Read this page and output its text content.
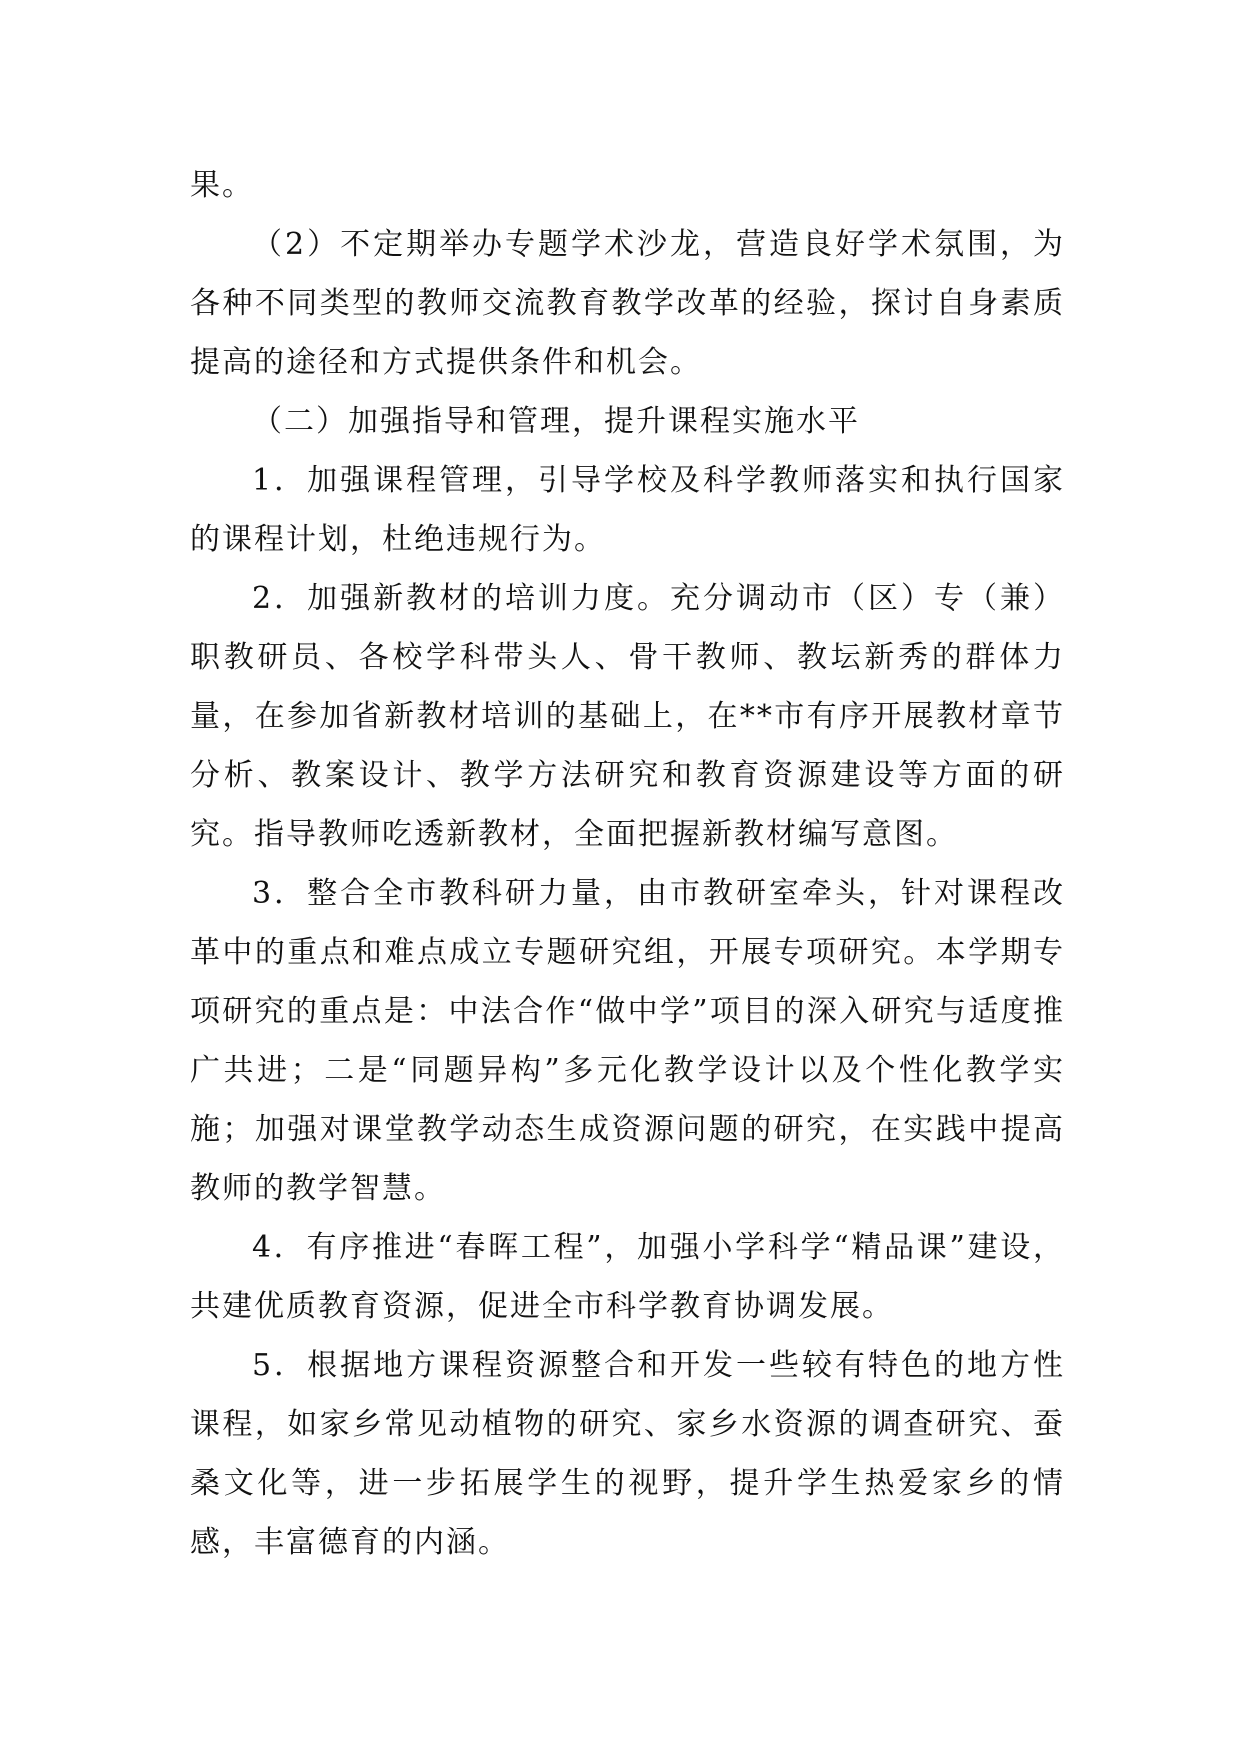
果。

（2）不定期举办专题学术沙龙，营造良好学术氛围，为各种不同类型的教师交流教育教学改革的经验，探讨自身素质提高的途径和方式提供条件和机会。

（二）加强指导和管理，提升课程实施水平

1．加强课程管理，引导学校及科学教师落实和执行国家的课程计划，杜绝违规行为。

2．加强新教材的培训力度。充分调动市（区）专（兼）职教研员、各校学科带头人、骨干教师、教坛新秀的群体力量，在参加省新教材培训的基础上，在**市有序开展教材章节分析、教案设计、教学方法研究和教育资源建设等方面的研究。指导教师吃透新教材，全面把握新教材编写意图。

3．整合全市教科研力量，由市教研室牵头，针对课程改革中的重点和难点成立专题研究组，开展专项研究。本学期专项研究的重点是：中法合作“做中学”项目的深入研究与适度推广共进；二是“同题异构”多元化教学设计以及个性化教学实施；加强对课堂教学动态生成资源问题的研究，在实践中提高教师的教学智慧。

4．有序推进“春晖工程”，加强小学科学“精品课”建设，共建优质教育资源，促进全市科学教育协调发展。

5．根据地方课程资源整合和开发一些较有特色的地方性课程，如家乡常见动植物的研究、家乡水资源的调查研究、蚕桑文化等，进一步拓展学生的视野，提升学生热爱家乡的情感，丰富德育的内涵。
